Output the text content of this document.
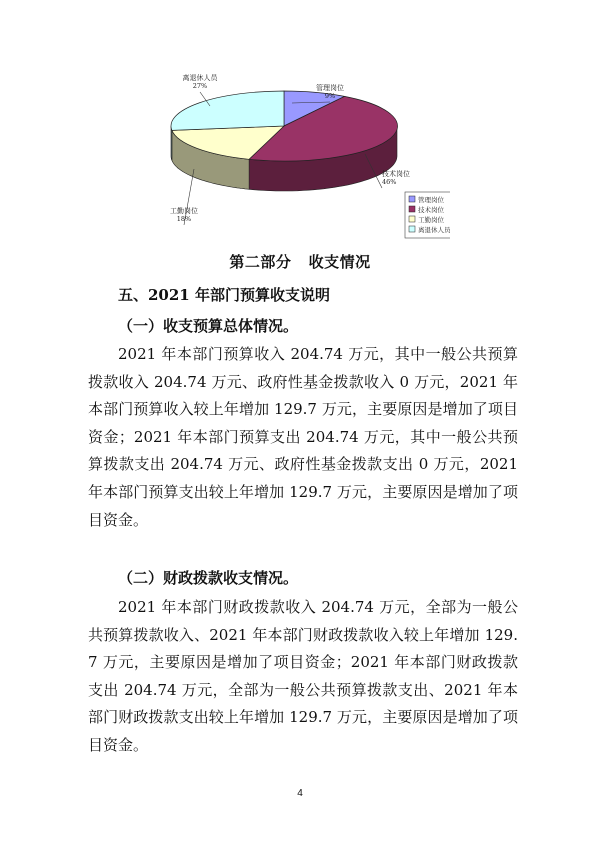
管理岗位
9%
技术岗位
46%
工勤岗位
18%
离退休人员
27%
管理岗位
技术岗位
工勤岗位
离退休人员
第二部分   收支情况
五、2021 年部门预算收支说明
（一）收支预算总体情况。

2021 年本部门预算收入 204.74 万元，其中一般公共预算拨款收入 204.74 万元、政府性基金拨款收入 0 万元，2021 年本部门预算收入较上年增加 129.7 万元，主要原因是增加了项目资金；2021 年本部门预算支出 204.74 万元，其中一般公共预算拨款支出 204.74 万元、政府性基金拨款支出 0 万元，2021 年本部门预算支出较上年增加 129.7 万元，主要原因是增加了项目资金。

（二）财政拨款收支情况。

2021 年本部门财政拨款收入 204.74 万元，全部为一般公共预算拨款收入、2021 年本部门财政拨款收入较上年增加 129.7 万元，主要原因是增加了项目资金；2021 年本部门财政拨款支出 204.74 万元，全部为一般公共预算拨款支出、2021 年本部门财政拨款支出较上年增加 129.7 万元，主要原因是增加了项目资金。

4
